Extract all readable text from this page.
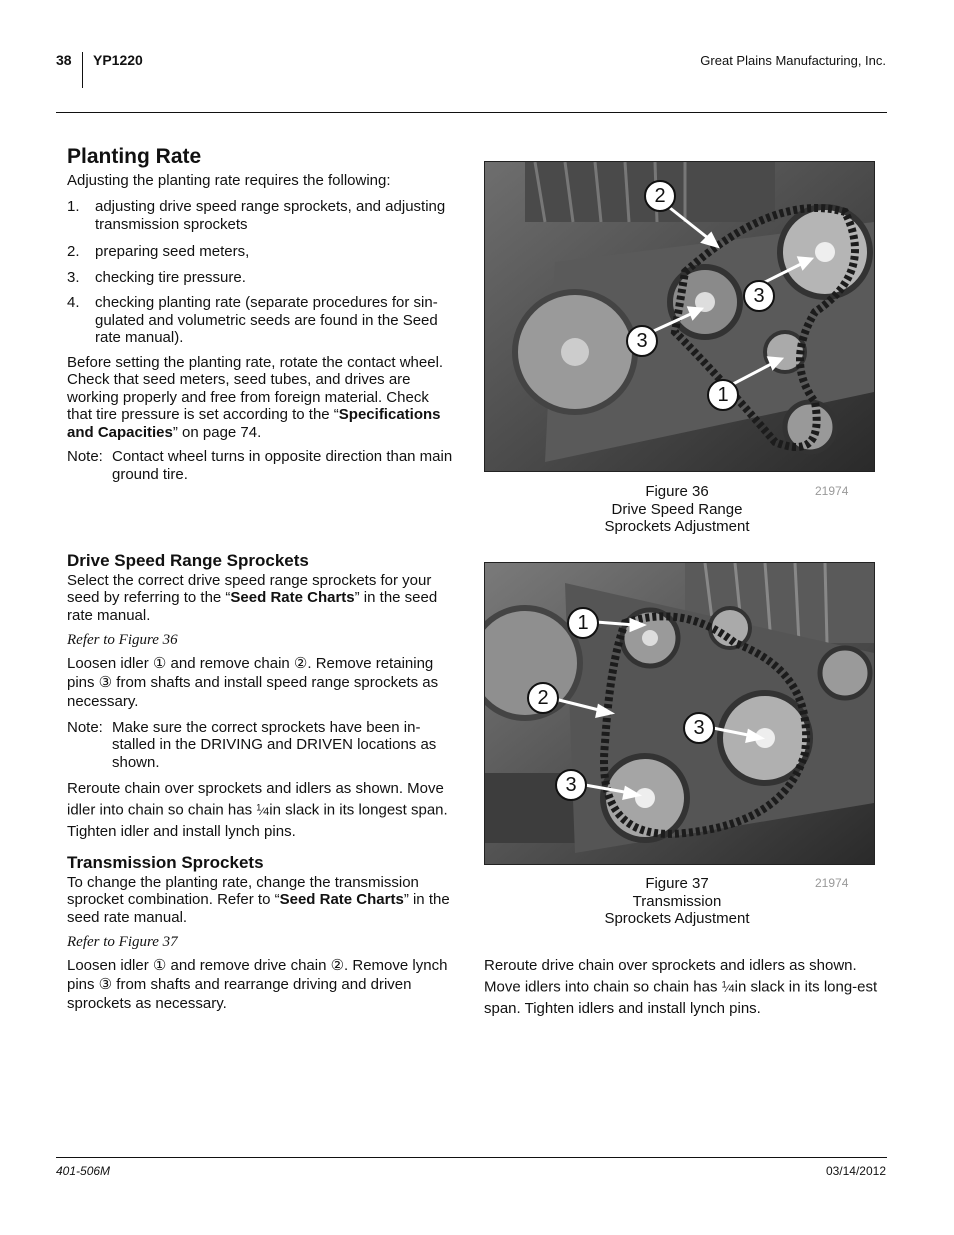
38 YP1220	Great Plains Manufacturing, Inc.
Planting Rate

Adjusting the planting rate requires the following:

1.	adjusting drive speed range sprockets, and adjusting transmission sprockets
2.	preparing seed meters,
3.	checking tire pressure.
4.	checking planting rate (separate procedures for sin-gulated and volumetric seeds are found in the Seed rate manual).

Before setting the planting rate, rotate the contact wheel. Check that seed meters, seed tubes, and drives are working properly and free from foreign material. Check that tire pressure is set according to the “Specifications and Capacities” on page 74.

Note: Contact wheel turns in opposite direction than main ground tire.
Drive Speed Range Sprockets

Select the correct drive speed range sprockets for your seed by referring to the “Seed Rate Charts” in the seed rate manual.

Refer to Figure 36

Loosen idler ① and remove chain ②. Remove retaining pins ③ from shafts and install speed range sprockets as necessary.

Note: Make sure the correct sprockets have been in-stalled in the DRIVING and DRIVEN locations as shown.

Reroute chain over sprockets and idlers as shown. Move idler into chain so chain has $^1$⁄4in slack in its longest span. Tighten idler and install lynch pins.

Transmission Sprockets

To change the planting rate, change the transmission sprocket combination. Refer to “Seed Rate Charts” in the seed rate manual.

Refer to Figure 37

Loosen idler ① and remove drive chain ②. Remove lynch pins ③ from shafts and rearrange driving and driven sprockets as necessary.

2
3
3
1
Figure 36
Drive Speed Range
Sprockets Adjustment
21974
1
2
3
3
Figure 37
Transmission
Sprockets Adjustment
21974

Reroute drive chain over sprockets and idlers as shown. Move idlers into chain so chain has $^1$⁄4in slack in its long-est span. Tighten idlers and install lynch pins.

401-506M	03/14/2012
